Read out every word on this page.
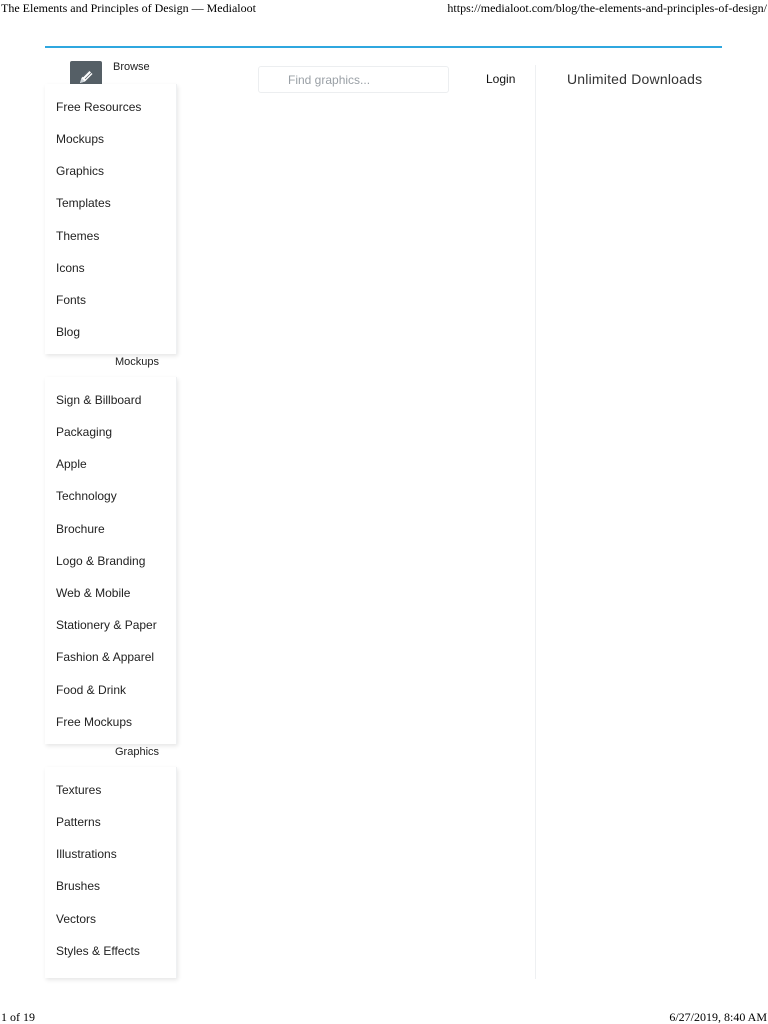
The Elements and Principles of Design — Medialoot	https://medialoot.com/blog/the-elements-and-principles-of-design/
Browse
Find graphics...	Login	Unlimited Downloads
Free Resources
Mockups
Graphics
Templates
Themes
Icons
Fonts
Blog
Mockups
Sign & Billboard
Packaging
Apple
Technology
Brochure
Logo & Branding
Web & Mobile
Stationery & Paper
Fashion & Apparel
Food & Drink
Free Mockups
Graphics
Textures
Patterns
Illustrations
Brushes
Vectors
Styles & Effects
1 of 19	6/27/2019, 8:40 AM
